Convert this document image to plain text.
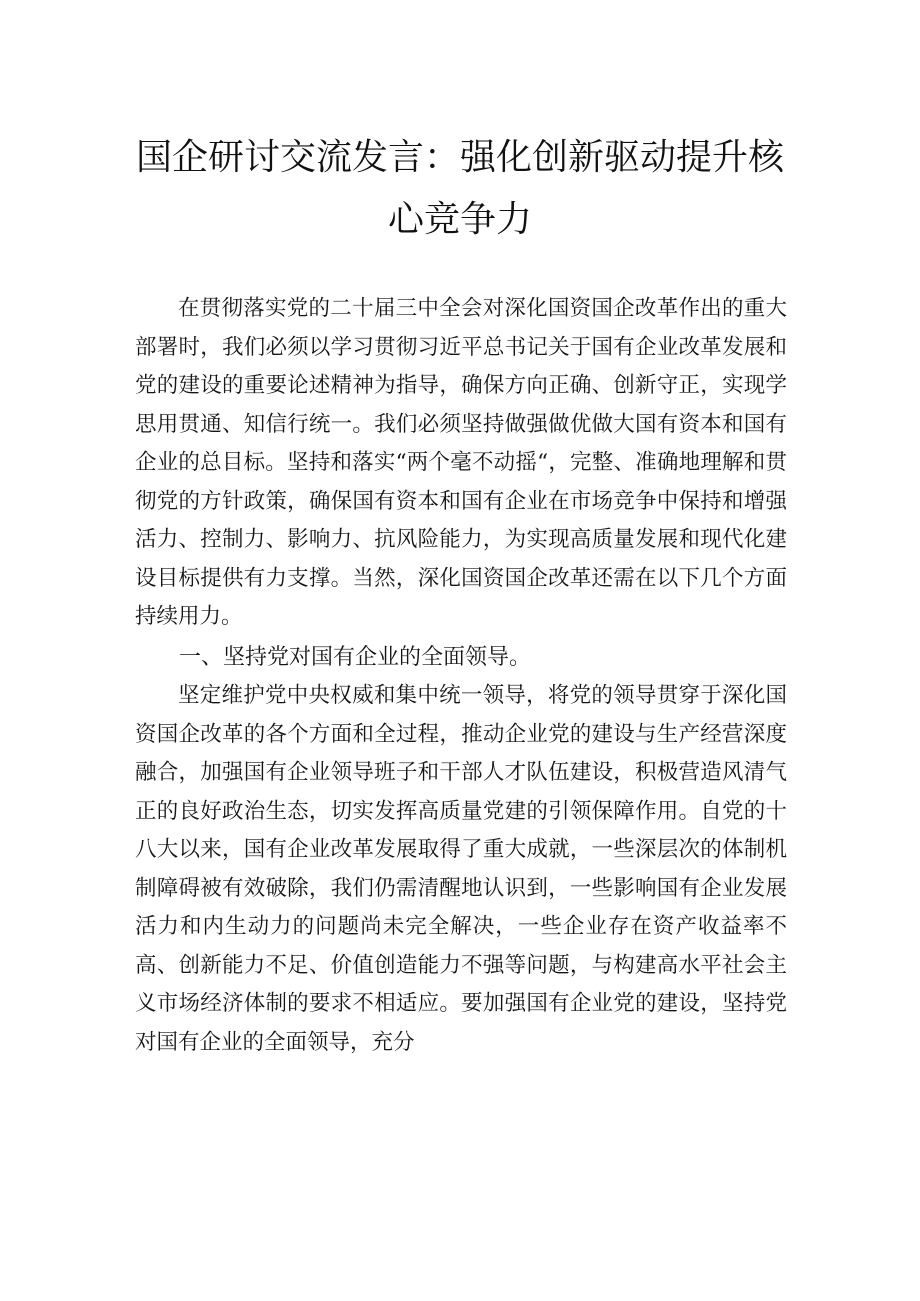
国企研讨交流发言：强化创新驱动提升核
心竞争力

在贯彻落实党的二十届三中全会对深化国资国企改革作出的重大部署时，我们必须以学习贯彻习近平总书记关于国有企业改革发展和党的建设的重要论述精神为指导，确保方向正确、创新守正，实现学思用贯通、知信行统一。我们必须坚持做强做优做大国有资本和国有企业的总目标。坚持和落实“两个毫不动摇“，完整、准确地理解和贯彻党的方针政策，确保国有资本和国有企业在市场竞争中保持和增强活力、控制力、影响力、抗风险能力，为实现高质量发展和现代化建设目标提供有力支撑。当然，深化国资国企改革还需在以下几个方面持续用力。

一、坚持党对国有企业的全面领导。

坚定维护党中央权威和集中统一领导，将党的领导贯穿于深化国资国企改革的各个方面和全过程，推动企业党的建设与生产经营深度融合，加强国有企业领导班子和干部人才队伍建设，积极营造风清气正的良好政治生态，切实发挥高质量党建的引领保障作用。自党的十八大以来，国有企业改革发展取得了重大成就，一些深层次的体制机制障碍被有效破除，我们仍需清醒地认识到，一些影响国有企业发展活力和内生动力的问题尚未完全解决，一些企业存在资产收益率不高、创新能力不足、价值创造能力不强等问题，与构建高水平社会主义市场经济体制的要求不相适应。要加强国有企业党的建设，坚持党对国有企业的全面领导，充分
